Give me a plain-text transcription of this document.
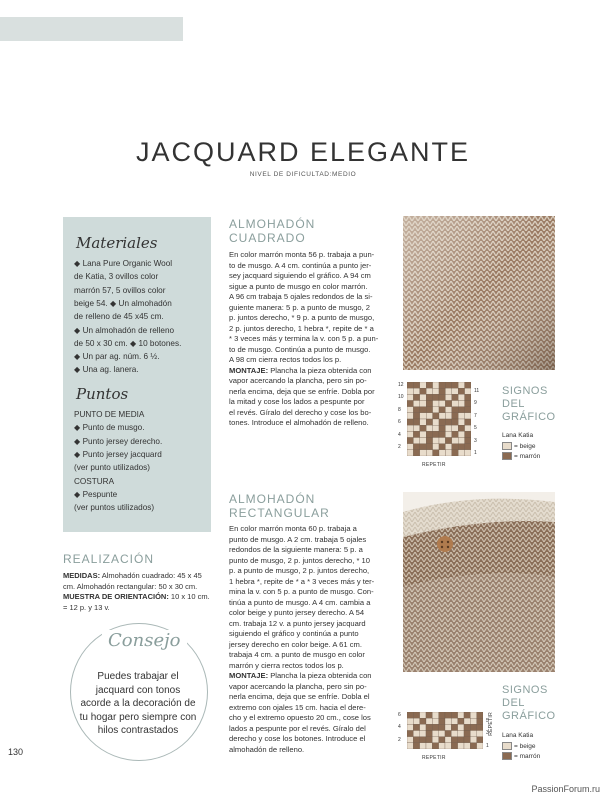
JACQUARD ELEGANTE
NIVEL DE DIFICULTAD:MEDIO
Materiales
◆ Lana Pure Organic Wool
de Katia, 3 ovillos color
marrón 57, 5 ovillos color
beige 54. ◆ Un almohadón
de relleno de 45 x45 cm.
◆ Un almohadón de relleno
de 50 x 30 cm. ◆ 10 botones.
◆ Un par ag. núm. 6 ½.
◆ Una ag. lanera.
Puntos
PUNTO DE MEDIA
◆ Punto de musgo.
◆ Punto jersey derecho.
◆ Punto jersey jacquard
(ver punto utilizados)
COSTURA
◆ Pespunte
(ver puntos utilizados)
REALIZACIÓN
MEDIDAS: Almohadón cuadrado: 45 x 45
cm. Almohadón rectangular: 50 x 30 cm.
MUESTRA DE ORIENTACIÓN: 10 x 10 cm.
= 12 p. y 13 v.
Consejo
Puedes trabajar el
jacquard con tonos
acorde a la decoración de
tu hogar pero siempre con
hilos contrastados
ALMOHADÓN
CUADRADO
En color marrón monta 56 p. trabaja a pun-
to de musgo. A 4 cm. continúa a punto jer-
sey jacquard siguiendo el gráfico. A 94 cm
sigue a punto de musgo en color marrón.
A 96 cm trabaja 5 ojales redondos de la si-
guiente manera: 5 p. a punto de musgo, 2
p. juntos derecho, * 9 p. a punto de musgo,
2 p. juntos derecho, 1 hebra *, repite de * a
* 3 veces más y termina la v. con 5 p. a pun-
to de musgo. Continúa a punto de musgo.
A 98 cm cierra rectos todos los p.
MONTAJE: Plancha la pieza obtenida con
vapor acercando la plancha, pero sin po-
nerla encima, deja que se enfríe. Dobla por
la mitad y cose los lados a pespunte por
el revés. Gíralo del derecho y cose los bo-
tones. Introduce el almohadón de relleno.
12
10
8
6
4
2
11
9
7
5
3
1
REPETIR
SIGNOS
DEL
GRÁFICO
Lana Katia
= beige
= marrón
ALMOHADÓN
RECTANGULAR
En color marrón monta 60 p. trabaja a
punto de musgo. A 2 cm. trabaja 5 ojales
redondos de la siguiente manera: 5 p. a
punto de musgo, 2 p. juntos derecho, * 10
p. a punto de musgo, 2 p. juntos derecho,
1 hebra *, repite de * a * 3 veces más y ter-
mina la v. con 5 p. a punto de musgo. Con-
tinúa a punto de musgo. A 4 cm. cambia a
color beige y punto jersey derecho. A 54
cm. trabaja 12 v. a punto jersey jacquard
siguiendo el gráfico y continúa a punto
jersey derecho en color beige. A 61 cm.
trabaja 4 cm. a punto de musgo en color
marrón y cierra rectos todos los p.
MONTAJE: Plancha la pieza obtenida con
vapor acercando la plancha, pero sin po-
nerla encima, deja que se enfríe. Dobla el
extremo con ojales 15 cm. hacia el dere-
cho y el extremo opuesto 20 cm., cose los
lados a pespunte por el revés. Gíralo del
derecho y cose los botones. Introduce el
almohadón de relleno.
6
4
2
5
3
1
REPETIR
REPETIR
SIGNOS
DEL
GRÁFICO
Lana Katia
= beige
= marrón
130
PassionForum.ru
